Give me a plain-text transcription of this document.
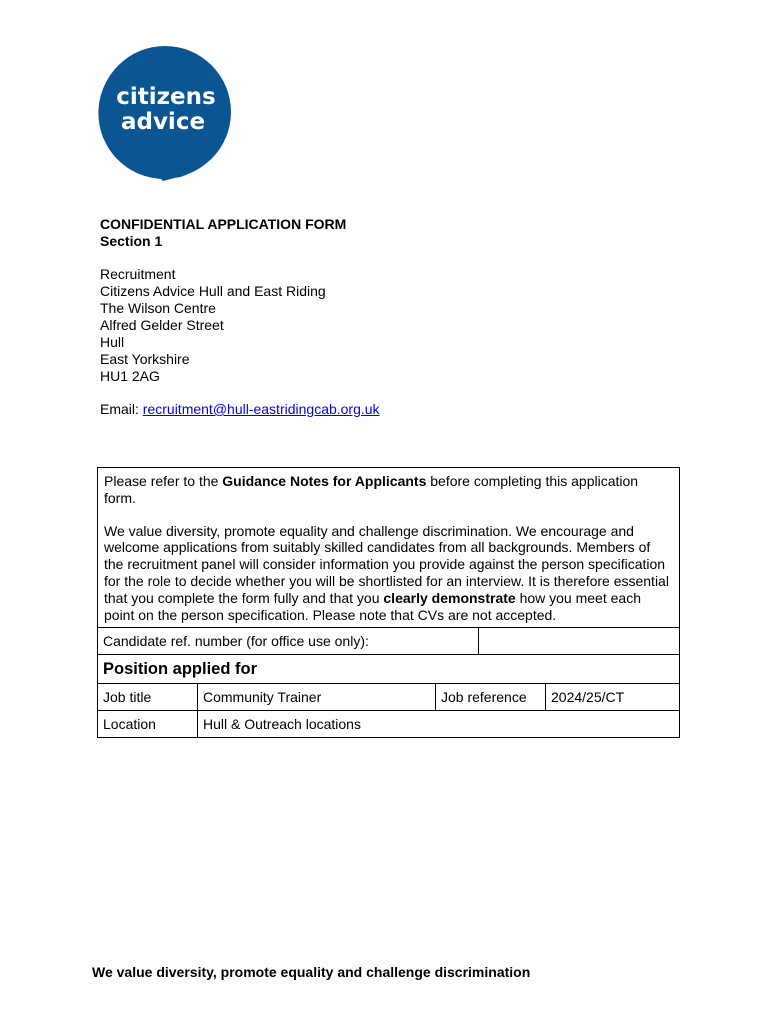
citizens
advice
CONFIDENTIAL APPLICATION FORM
Section 1
Recruitment
Citizens Advice Hull and East Riding
The Wilson Centre
Alfred Gelder Street
Hull
East Yorkshire
HU1 2AG
Email: recruitment@hull-eastridingcab.org.uk

Please refer to the Guidance Notes for Applicants before completing this application form.

We value diversity, promote equality and challenge discrimination. We encourage and welcome applications from suitably skilled candidates from all backgrounds. Members of the recruitment panel will consider information you provide against the person specification for the role to decide whether you will be shortlisted for an interview. It is therefore essential that you complete the form fully and that you clearly demonstrate how you meet each point on the person specification. Please note that CVs are not accepted.

Candidate ref. number (for office use only):
Position applied for
Job title	Community Trainer	Job reference	2024/25/CT
Location	Hull & Outreach locations
We value diversity, promote equality and challenge discrimination
